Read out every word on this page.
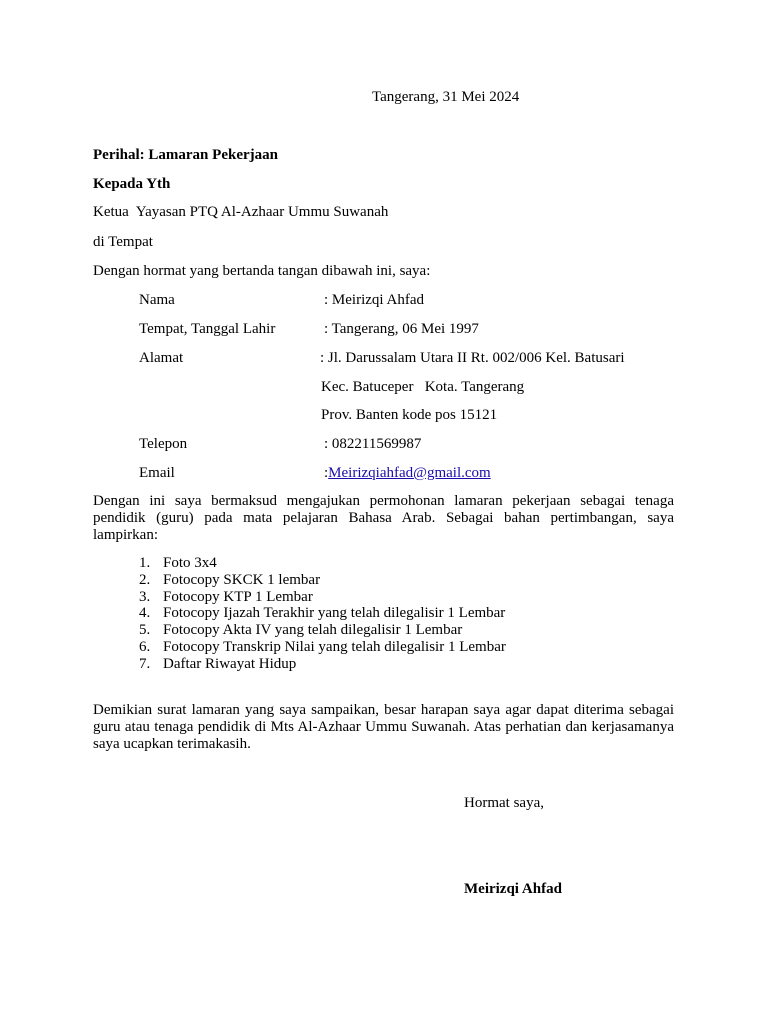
Tangerang, 31 Mei 2024
Perihal: Lamaran Pekerjaan
Kepada Yth
Ketua  Yayasan PTQ Al-Azhaar Ummu Suwanah
di Tempat
Dengan hormat yang bertanda tangan dibawah ini, saya:
Nama	: Meirizqi Ahfad
Tempat, Tanggal Lahir	: Tangerang, 06 Mei 1997
Alamat	: Jl. Darussalam Utara II Rt. 002/006 Kel. Batusari
Kec. Batuceper   Kota. Tangerang
Prov. Banten kode pos 15121
Telepon	: 082211569987
Email	:Meirizqiahfad@gmail.com
Dengan ini saya bermaksud mengajukan permohonan lamaran pekerjaan sebagai tenaga pendidik (guru) pada mata pelajaran Bahasa Arab. Sebagai bahan pertimbangan, saya lampirkan:
1. Foto 3x4
2. Fotocopy SKCK 1 lembar
3. Fotocopy KTP 1 Lembar
4. Fotocopy Ijazah Terakhir yang telah dilegalisir 1 Lembar
5. Fotocopy Akta IV yang telah dilegalisir 1 Lembar
6. Fotocopy Transkrip Nilai yang telah dilegalisir 1 Lembar
7. Daftar Riwayat Hidup
Demikian surat lamaran yang saya sampaikan, besar harapan saya agar dapat diterima sebagai guru atau tenaga pendidik di Mts Al-Azhaar Ummu Suwanah. Atas perhatian dan kerjasamanya saya ucapkan terimakasih.
Hormat saya,
Meirizqi Ahfad
